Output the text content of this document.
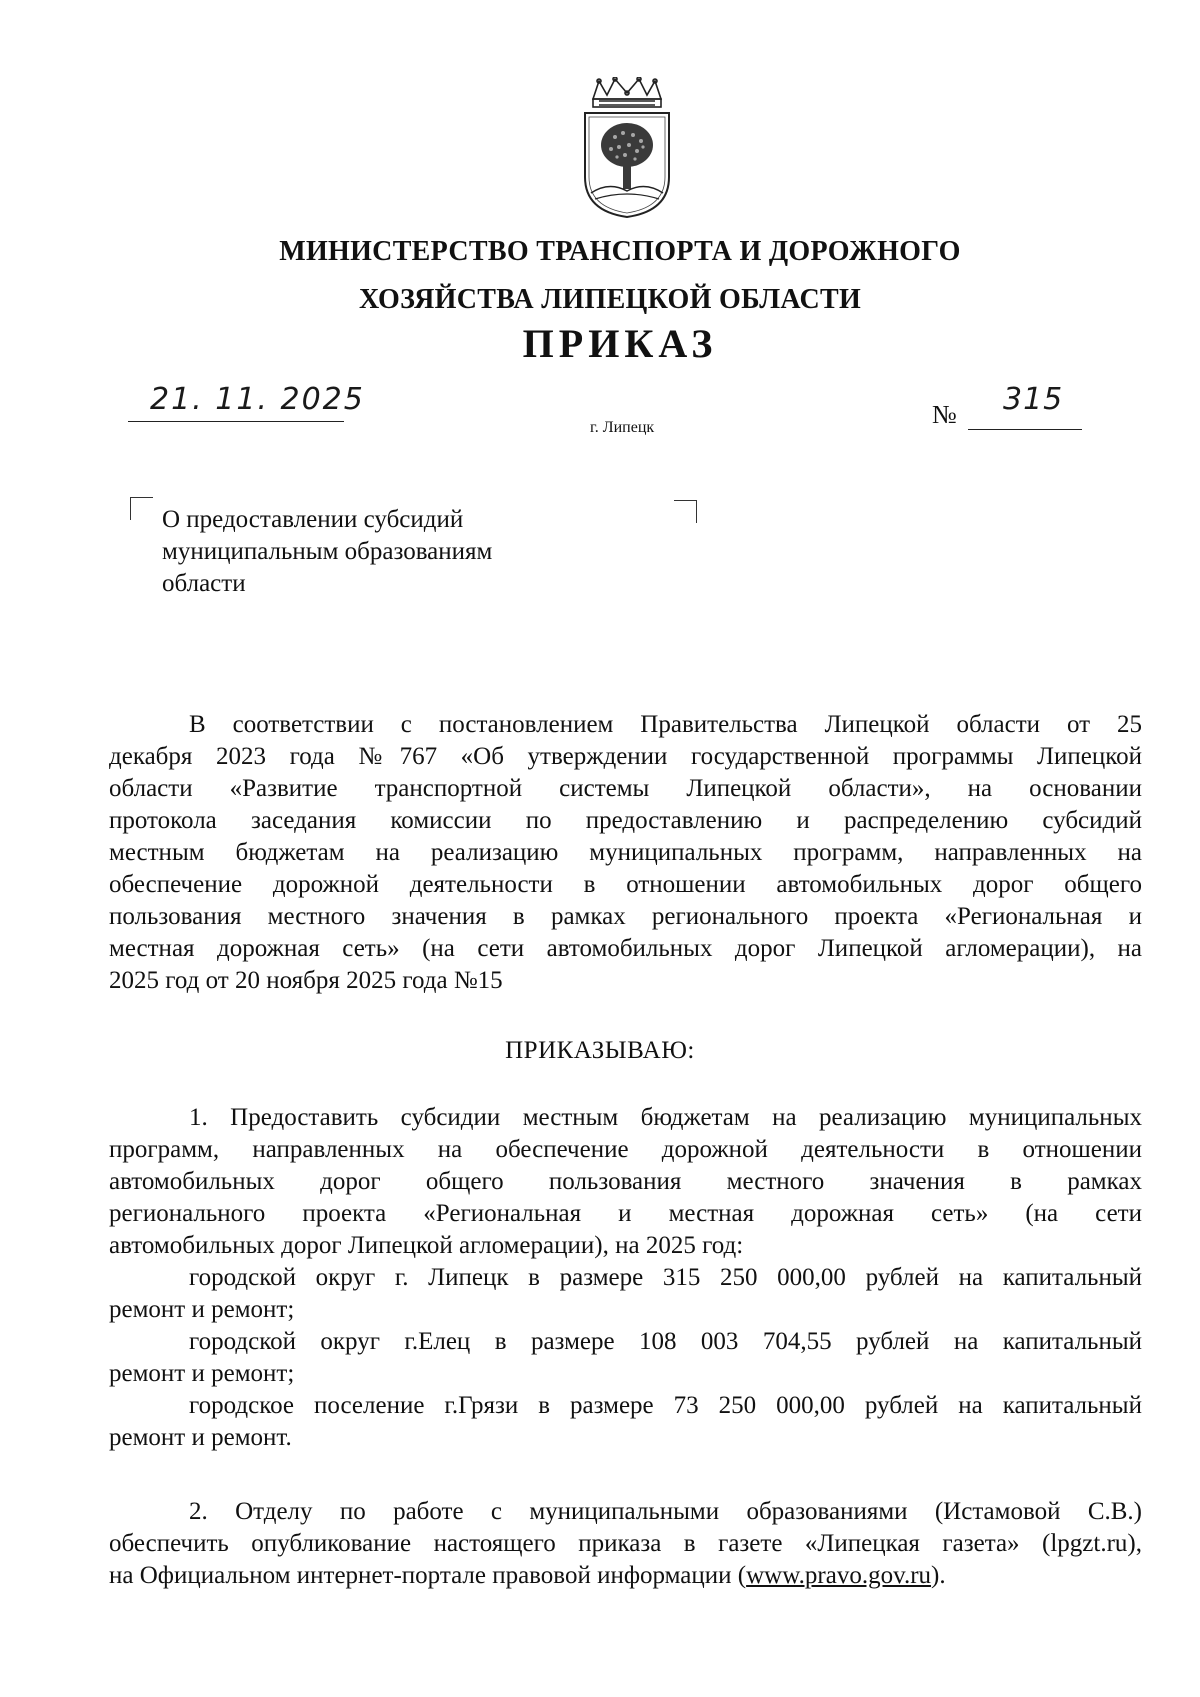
МИНИСТЕРСТВО ТРАНСПОРТА И ДОРОЖНОГО
ХОЗЯЙСТВА ЛИПЕЦКОЙ ОБЛАСТИ
ПРИКАЗ
21. 11. 2025
г. Липецк	№ 315
О предоставлении субсидий
муниципальным образованиям
области
В соответствии с постановлением Правительства Липецкой области от 25
декабря 2023 года №767 «Об утверждении государственной программы Липецкой
области «Развитие транспортной системы Липецкой области», на основании
протокола заседания комиссии по предоставлению и распределению субсидий
местным бюджетам на реализацию муниципальных программ, направленных на
обеспечение дорожной деятельности в отношении автомобильных дорог общего
пользования местного значения в рамках регионального проекта «Региональная и
местная дорожная сеть» (на сети автомобильных дорог Липецкой агломерации), на
2025 год от 20 ноября 2025 года №15
ПРИКАЗЫВАЮ:
1. Предоставить субсидии местным бюджетам на реализацию муниципальных
программ, направленных на обеспечение дорожной деятельности в отношении
автомобильных дорог общего пользования местного значения в рамках
регионального проекта «Региональная и местная дорожная сеть» (на сети
автомобильных дорог Липецкой агломерации), на 2025 год:
городской округ г. Липецк в размере 315 250 000,00 рублей на капитальный
ремонт и ремонт;
городской округ г.Елец в размере 108 003 704,55 рублей на капитальный
ремонт и ремонт;
городское поселение г.Грязи в размере 73 250 000,00 рублей на капитальный
ремонт и ремонт.
2. Отделу по работе с муниципальными образованиями (Истамовой С.В.)
обеспечить опубликование настоящего приказа в газете «Липецкая газета» (lpgzt.ru),
на Официальном интернет-портале правовой информации (www.pravo.gov.ru).
